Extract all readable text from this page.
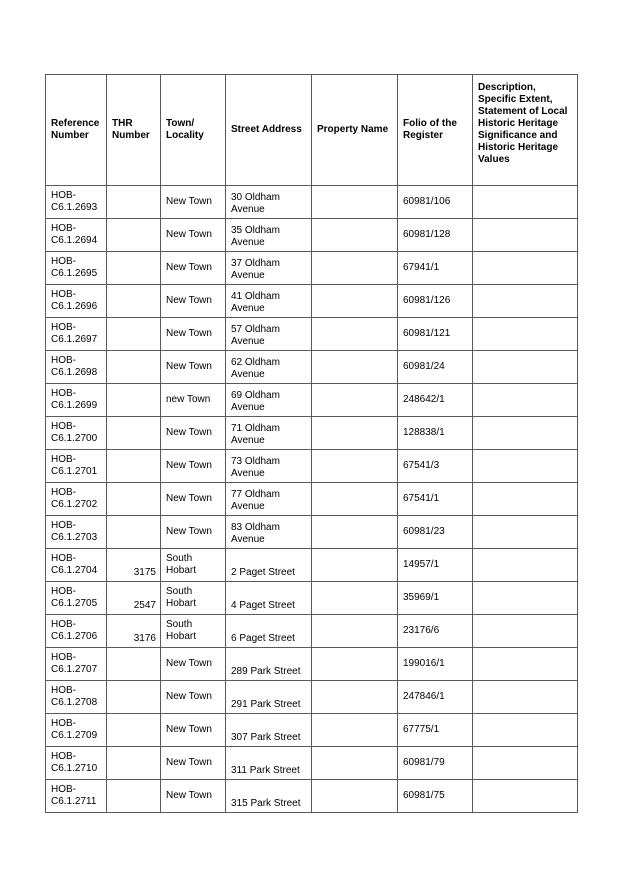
Reference Number	THR Number	Town/ Locality	Street Address	Property Name	Folio of the Register	Description, Specific Extent, Statement of Local Historic Heritage Significance and Historic Heritage Values
HOB-C6.1.2693		New Town	30 Oldham Avenue		60981/106	
HOB-C6.1.2694		New Town	35 Oldham Avenue		60981/128	
HOB-C6.1.2695		New Town	37 Oldham Avenue		67941/1	
HOB-C6.1.2696		New Town	41 Oldham Avenue		60981/126	
HOB-C6.1.2697		New Town	57 Oldham Avenue		60981/121	
HOB-C6.1.2698		New Town	62 Oldham Avenue		60981/24	
HOB-C6.1.2699		new Town	69 Oldham Avenue		248642/1	
HOB-C6.1.2700		New Town	71 Oldham Avenue		128838/1	
HOB-C6.1.2701		New Town	73 Oldham Avenue		67541/3	
HOB-C6.1.2702		New Town	77 Oldham Avenue		67541/1	
HOB-C6.1.2703		New Town	83 Oldham Avenue		60981/23	
HOB-C6.1.2704	3175	South Hobart	2 Paget Street		14957/1	
HOB-C6.1.2705	2547	South Hobart	4 Paget Street		35969/1	
HOB-C6.1.2706	3176	South Hobart	6 Paget Street		23176/6	
HOB-C6.1.2707		New Town	289 Park Street		199016/1	
HOB-C6.1.2708		New Town	291 Park Street		247846/1	
HOB-C6.1.2709		New Town	307 Park Street		67775/1	
HOB-C6.1.2710		New Town	311 Park Street		60981/79	
HOB-C6.1.2711		New Town	315 Park Street		60981/75	
